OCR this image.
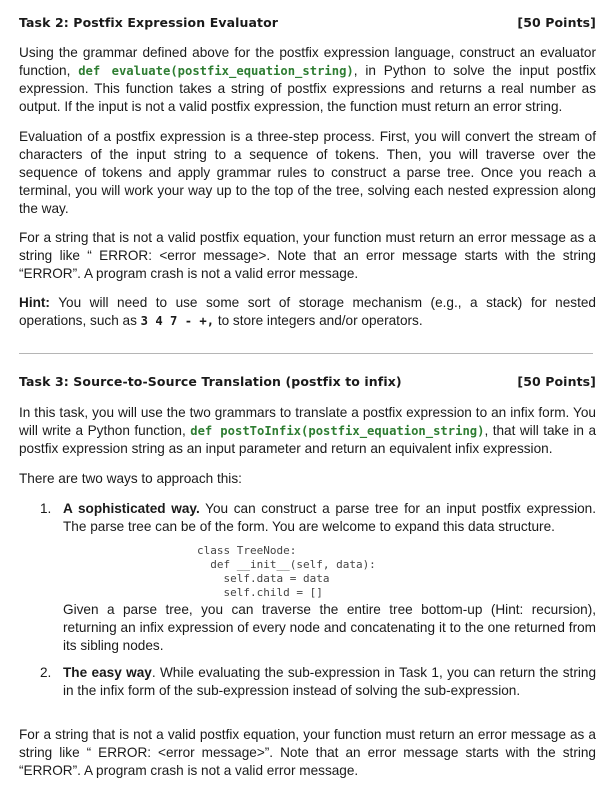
Task 2: Postfix Expression Evaluator	[50 Points]

Using the grammar defined above for the postfix expression language, construct an evaluator function, def evaluate(postfix_equation_string), in Python to solve the input postfix expression. This function takes a string of postfix expressions and returns a real number as output. If the input is not a valid postfix expression, the function must return an error string.

Evaluation of a postfix expression is a three-step process. First, you will convert the stream of characters of the input string to a sequence of tokens. Then, you will traverse over the sequence of tokens and apply grammar rules to construct a parse tree. Once you reach a terminal, you will work your way up to the top of the tree, solving each nested expression along the way.

For a string that is not a valid postfix equation, your function must return an error message as a string like “ ERROR: <error message>. Note that an error message starts with the string “ERROR”. A program crash is not a valid error message.

Hint: You will need to use some sort of storage mechanism (e.g., a stack) for nested operations, such as 3 4 7 - +, to store integers and/or operators.

Task 3: Source-to-Source Translation (postfix to infix)	[50 Points]

In this task, you will use the two grammars to translate a postfix expression to an infix form. You will write a Python function, def postToInfix(postfix_equation_string), that will take in a postfix expression string as an input parameter and return an equivalent infix expression.

There are two ways to approach this:

1. A sophisticated way. You can construct a parse tree for an input postfix expression. The parse tree can be of the form. You are welcome to expand this data structure.

class TreeNode:
def __init__(self, data):
self.data = data
self.child = []

Given a parse tree, you can traverse the entire tree bottom-up (Hint: recursion), returning an infix expression of every node and concatenating it to the one returned from its sibling nodes.

2. The easy way. While evaluating the sub-expression in Task 1, you can return the string in the infix form of the sub-expression instead of solving the sub-expression.

For a string that is not a valid postfix equation, your function must return an error message as a string like “ ERROR: <error message>”. Note that an error message starts with the string “ERROR”. A program crash is not a valid error message.
